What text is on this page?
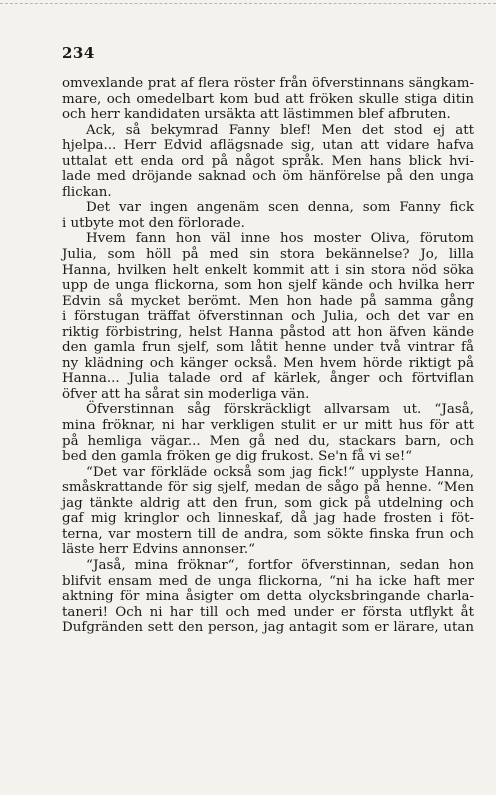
234
omvexlande prat af flera röster från öfverstinnans sängkam-
mare, och omedelbart kom bud att fröken skulle stiga ditin
och herr kandidaten ursäkta att lästimmen blef afbruten.
Ack, så bekymrad Fanny blef! Men det stod ej att
hjelpa... Herr Edvid aflägsnade sig, utan att vidare hafva
uttalat ett enda ord på något språk. Men hans blick hvi-
lade med dröjande saknad och öm hänförelse på den unga
flickan.
Det var ingen angenäm scen denna, som Fanny fick
i utbyte mot den förlorade.
Hvem fann hon väl inne hos moster Oliva, förutom
Julia, som höll på med sin stora bekännelse? Jo, lilla
Hanna, hvilken helt enkelt kommit att i sin stora nöd söka
upp de unga flickorna, som hon sjelf kände och hvilka herr
Edvin så mycket berömt. Men hon hade på samma gång
i förstugan träffat öfverstinnan och Julia, och det var en
riktig förbistring, helst Hanna påstod att hon äfven kände
den gamla frun sjelf, som låtit henne under två vintrar få
ny klädning och känger också. Men hvem hörde riktigt på
Hanna... Julia talade ord af kärlek, ånger och förtviflan
öfver att ha sårat sin moderliga vän.
Öfverstinnan såg förskräckligt allvarsam ut. “Jaså,
mina fröknar, ni har verkligen stulit er ur mitt hus för att
på hemliga vägar... Men gå ned du, stackars barn, och
bed den gamla fröken ge dig frukost. Se'n få vi se!“
“Det var förkläde också som jag fick!“ upplyste Hanna,
småskrattande för sig sjelf, medan de sågo på henne. “Men
jag tänkte aldrig att den frun, som gick på utdelning och
gaf mig kringlor och linneskaf, då jag hade frosten i föt-
terna, var mostern till de andra, som sökte finska frun och
läste herr Edvins annonser.“
“Jaså, mina fröknar“, fortfor öfverstinnan, sedan hon
blifvit ensam med de unga flickorna, “ni ha icke haft mer
aktning för mina åsigter om detta olycksbringande charla-
taneri! Och ni har till och med under er första utflykt åt
Dufgränden sett den person, jag antagit som er lärare, utan
